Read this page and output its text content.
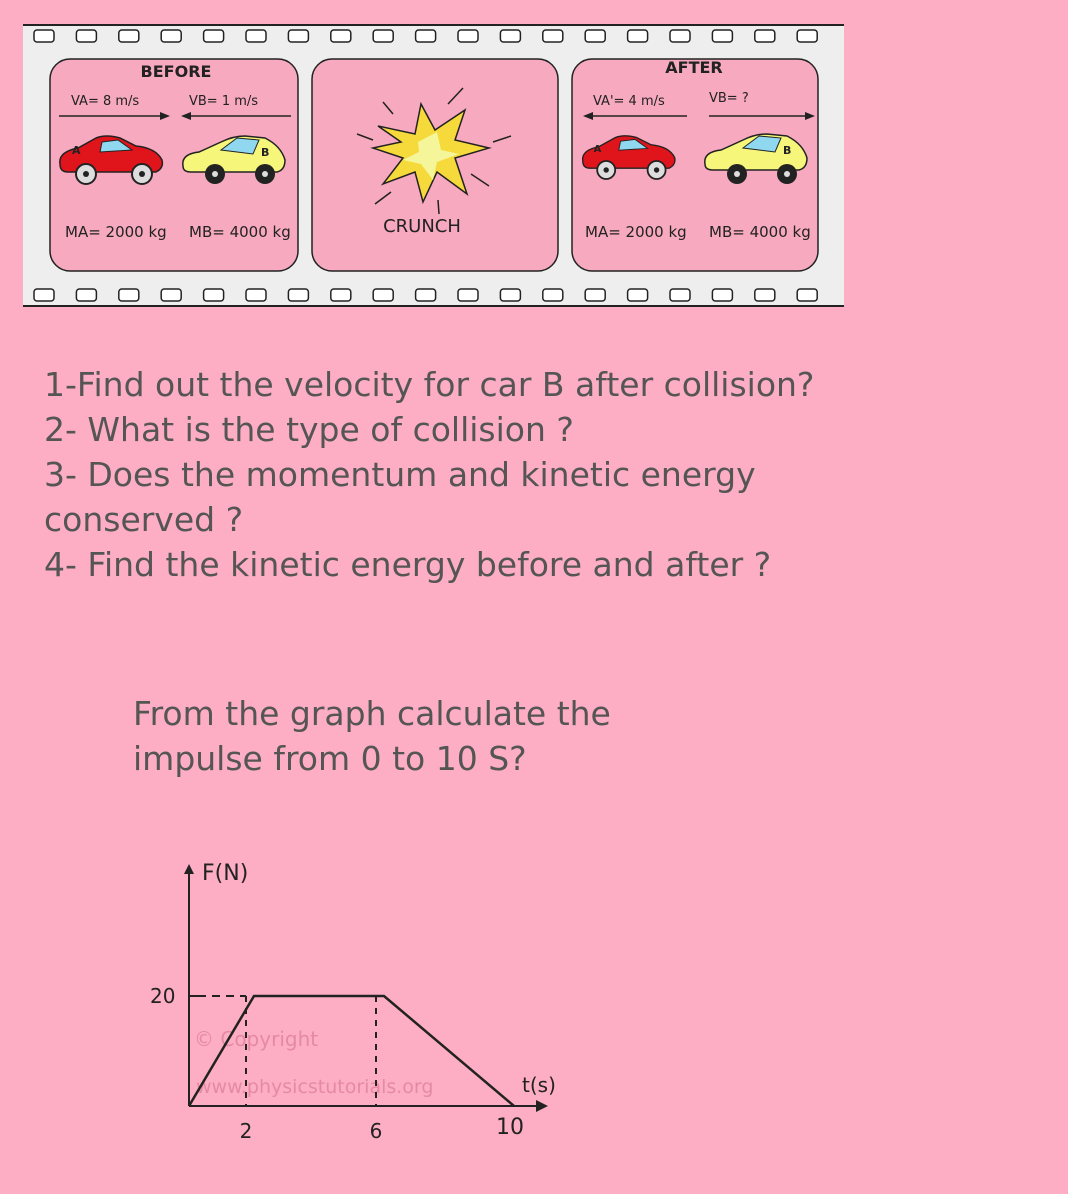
BEFORE
VA= 8 m/s	VB= 1 m/s
A	B
MA= 2000 kg MB= 4000 kg	CRUNCH
AFTER
VA'= 4 m/s	VB= ?
A	B
MA= 2000 kg MB= 4000 kg
1-Find out the velocity for car B after collision?
2- What is the type of collision ?
3- Does the momentum and kinetic energy
conserved ?
4- Find the kinetic energy before and after ?
From the graph calculate the
impulse from 0 to 10 S?
F(N)
t(s)
20
2	6	10
© Copyright
www.physicstutorials.org
